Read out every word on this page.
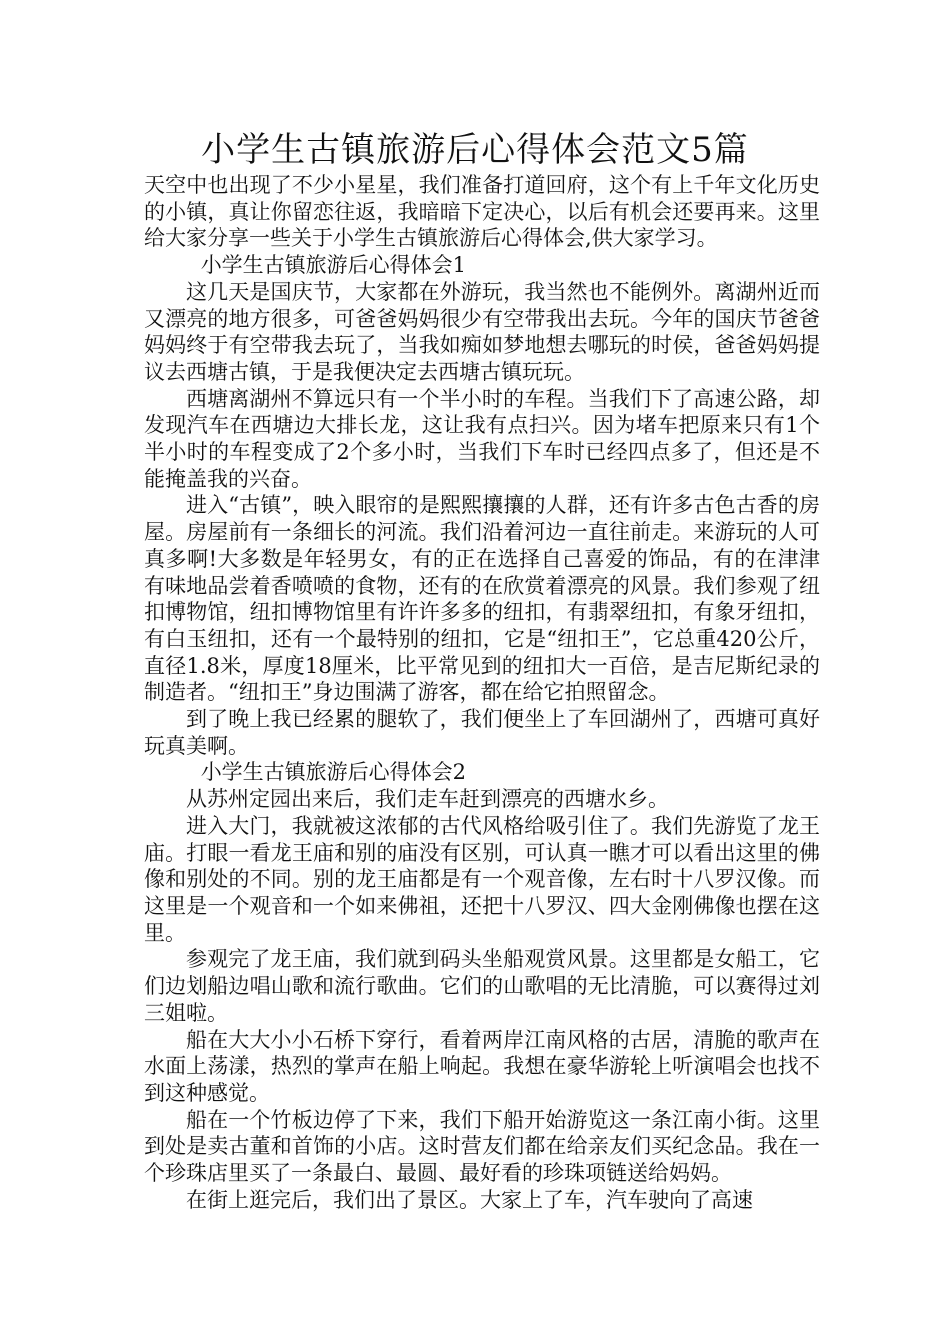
小学生古镇旅游后心得体会范文5篇

天空中也出现了不少小星星，我们准备打道回府，这个有上千年文化历史的小镇，真让你留恋往返，我暗暗下定决心，以后有机会还要再来。这里给大家分享一些关于小学生古镇旅游后心得体会,供大家学习。

小学生古镇旅游后心得体会1

这几天是国庆节，大家都在外游玩，我当然也不能例外。离湖州近而又漂亮的地方很多，可爸爸妈妈很少有空带我出去玩。今年的国庆节爸爸妈妈终于有空带我去玩了，当我如痴如梦地想去哪玩的时侯，爸爸妈妈提议去西塘古镇，于是我便决定去西塘古镇玩玩。

西塘离湖州不算远只有一个半小时的车程。当我们下了高速公路，却发现汽车在西塘边大排长龙，这让我有点扫兴。因为堵车把原来只有1个半小时的车程变成了2个多小时，当我们下车时已经四点多了，但还是不能掩盖我的兴奋。

进入“古镇”，映入眼帘的是熙熙攘攘的人群，还有许多古色古香的房屋。房屋前有一条细长的河流。我们沿着河边一直往前走。来游玩的人可真多啊!大多数是年轻男女，有的正在选择自己喜爱的饰品，有的在津津有味地品尝着香喷喷的食物，还有的在欣赏着漂亮的风景。我们参观了纽扣博物馆，纽扣博物馆里有许许多多的纽扣，有翡翠纽扣，有象牙纽扣，有白玉纽扣，还有一个最特别的纽扣，它是“纽扣王”，它总重420公斤，直径1.8米，厚度18厘米，比平常见到的纽扣大一百倍，是吉尼斯纪录的制造者。“纽扣王”身边围满了游客，都在给它拍照留念。

到了晚上我已经累的腿软了，我们便坐上了车回湖州了，西塘可真好玩真美啊。

小学生古镇旅游后心得体会2

从苏州定园出来后，我们走车赶到漂亮的西塘水乡。

进入大门，我就被这浓郁的古代风格给吸引住了。我们先游览了龙王庙。打眼一看龙王庙和别的庙没有区别，可认真一瞧才可以看出这里的佛像和别处的不同。别的龙王庙都是有一个观音像，左右时十八罗汉像。而这里是一个观音和一个如来佛祖，还把十八罗汉、四大金刚佛像也摆在这里。

参观完了龙王庙，我们就到码头坐船观赏风景。这里都是女船工，它们边划船边唱山歌和流行歌曲。它们的山歌唱的无比清脆，可以赛得过刘三姐啦。

船在大大小小石桥下穿行，看着两岸江南风格的古居，清脆的歌声在水面上荡漾，热烈的掌声在船上响起。我想在豪华游轮上听演唱会也找不到这种感觉。

船在一个竹板边停了下来，我们下船开始游览这一条江南小街。这里到处是卖古董和首饰的小店。这时营友们都在给亲友们买纪念品。我在一个珍珠店里买了一条最白、最圆、最好看的珍珠项链送给妈妈。

在街上逛完后，我们出了景区。大家上了车，汽车驶向了高速
